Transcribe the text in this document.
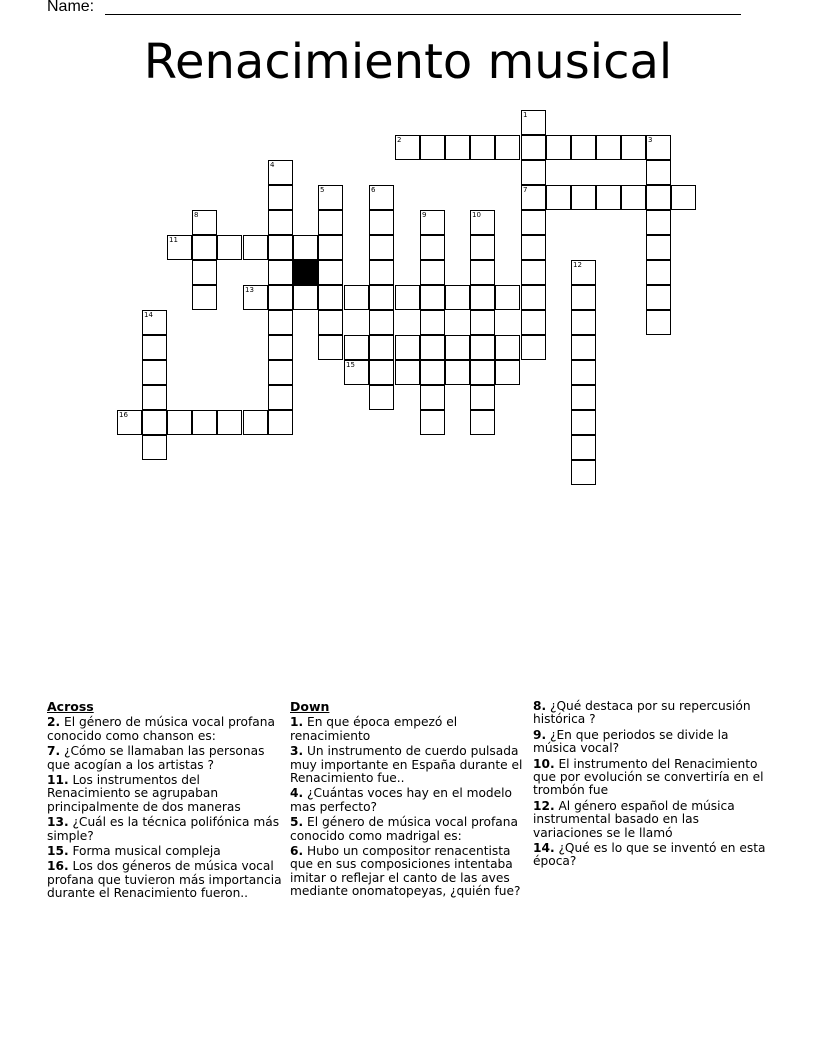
Name:
Renacimiento musical
1
7
2	3
4
5	6
8	9	10
11
12
13
14
15
16
Across
2. El género de música vocal profana conocido como chanson es:
7. ¿Cómo se llamaban las personas que acogían a los artistas ?
11. Los instrumentos del Renacimiento se agrupaban principalmente de dos maneras
13. ¿Cuál es la técnica polifónica más simple?
15. Forma musical compleja
16. Los dos géneros de música vocal profana que tuvieron más importancia durante el Renacimiento fueron..
Down
1. En que época empezó el renacimiento
3. Un instrumento de cuerdo pulsada muy importante en España durante el Renacimiento fue..
4. ¿Cuántas voces hay en el modelo mas perfecto?
5. El género de música vocal profana conocido como madrigal es:
6. Hubo un compositor renacentista que en sus composiciones intentaba imitar o reflejar el canto de las aves mediante onomatopeyas, ¿quién fue?
8. ¿Qué destaca por su repercusión histórica ?
9. ¿En que periodos se divide la música vocal?
10. El instrumento del Renacimiento que por evolución se convertiría en el trombón fue
12. Al género español de música instrumental basado en las variaciones se le llamó
14. ¿Qué es lo que se inventó en esta época?
